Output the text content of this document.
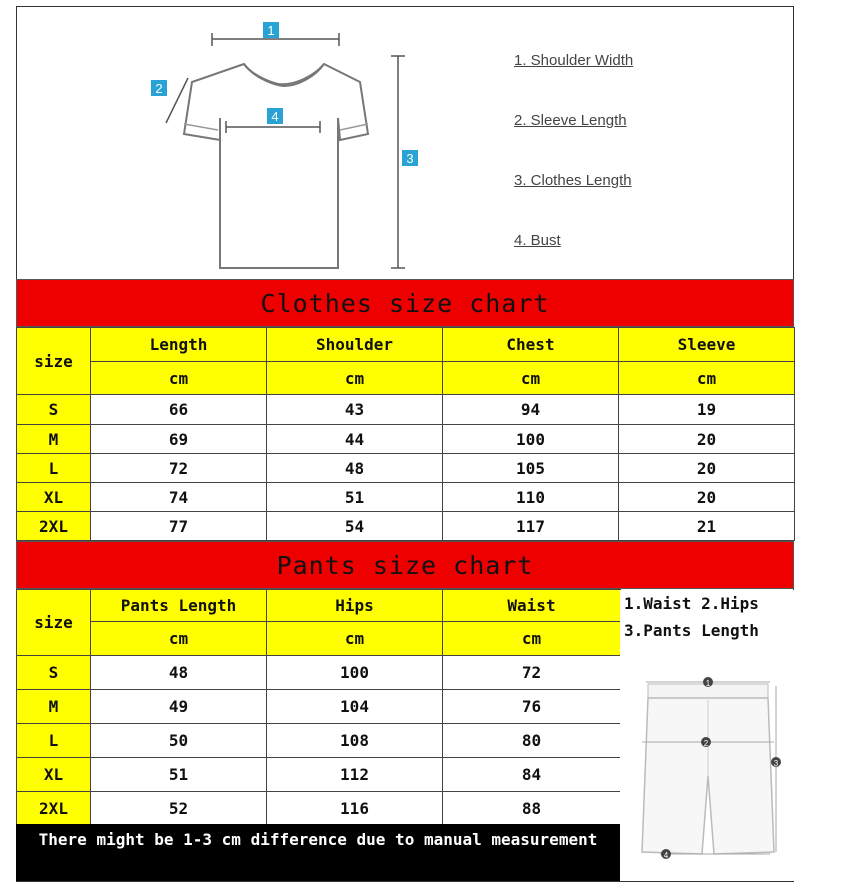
1
2
3
4
1. Shoulder Width
2. Sleeve Length
3. Clothes Length
4. Bust
Clothes size chart
size	Length	Shoulder	Chest	Sleeve
	cm	cm	cm	cm
S	66	43	94	19
M	69	44	100	20
L	72	48	105	20
XL	74	51	110	20
2XL	77	54	117	21
Pants size chart
size	Pants Length	Hips	Waist
	cm	cm	cm
S	48	100	72
M	49	104	76
L	50	108	80
XL	51	112	84
2XL	52	116	88
1.Waist 2.Hips
3.Pants Length
1
2
3
4
There might be 1-3 cm difference due to manual measurement
